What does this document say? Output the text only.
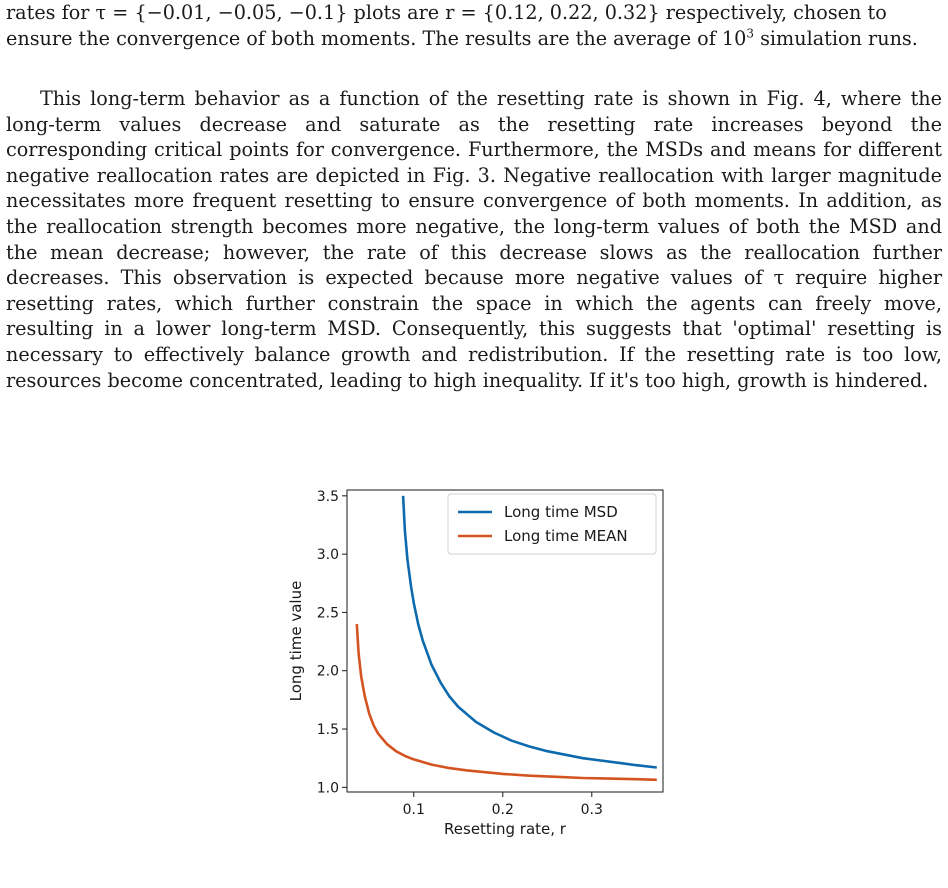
rates for τ = {−0.01, −0.05, −0.1} plots are r = {0.12, 0.22, 0.32} respectively, chosen to
ensure the convergence of both moments. The results are the average of $10^3$ simulation runs.

This long-term behavior as a function of the resetting rate is shown in Fig. 4, where the long-term values decrease and saturate as the resetting rate increases beyond the corresponding critical points for convergence. Furthermore, the MSDs and means for different negative reallocation rates are depicted in Fig. 3. Negative reallocation with larger magnitude necessitates more frequent resetting to ensure convergence of both moments. In addition, as the reallocation strength becomes more negative, the long-term values of both the MSD and the mean decrease; however, the rate of this decrease slows as the reallocation further decreases. This observation is expected because more negative values of τ require higher resetting rates, which further constrain the space in which the agents can freely move, resulting in a lower long-term MSD. Consequently, this suggests that 'optimal' resetting is necessary to effectively balance growth and redistribution. If the resetting rate is too low, resources become concentrated, leading to high inequality. If it's too high, growth is hindered.

0.1	0.2	0.3
1.0
1.5
2.0
2.5
3.0
3.5
Long time MSD
Long time MEAN
Resetting rate, r
Long time value
